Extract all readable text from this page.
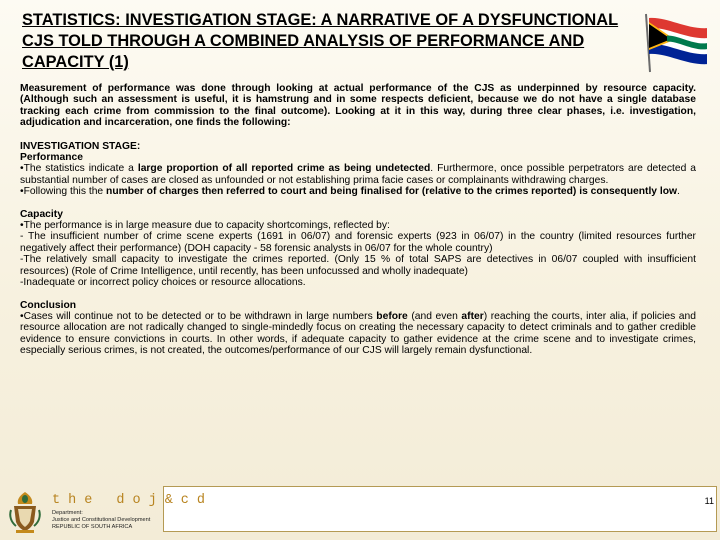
STATISTICS: INVESTIGATION STAGE: A NARRATIVE OF A DYSFUNCTIONAL CJS TOLD THROUGH A COMBINED ANALYSIS OF PERFORMANCE AND CAPACITY (1)

Measurement of performance was done through looking at actual performance of the CJS as underpinned by resource capacity. (Although such an assessment is useful, it is hamstrung and in some respects deficient, because we do not have a single database tracking each crime from commission to the final outcome). Looking at it in this way, during three clear phases, i.e. investigation, adjudication and incarceration, one finds the following:

INVESTIGATION STAGE:

Performance

•The statistics indicate a large proportion of all reported crime as being undetected. Furthermore, once possible perpetrators are detected a substantial number of cases are closed as unfounded or not establishing prima facie cases or complainants withdrawing charges.

•Following this the number of charges then referred to court and being finalised for (relative to the crimes reported) is consequently low.

Capacity

•The performance is in large measure due to capacity shortcomings, reflected by:

- The insufficient number of crime scene experts (1691 in 06/07) and forensic experts (923 in 06/07) in the country (limited resources further negatively affect their performance) (DOH capacity - 58 forensic analysts in 06/07 for the whole country)

-The relatively small capacity to investigate the crimes reported. (Only 15 % of total SAPS are detectives in 06/07 coupled with insufficient resources) (Role of Crime Intelligence, until recently, has been unfocussed and wholly inadequate)

-Inadequate or incorrect policy choices or resource allocations.

Conclusion

•Cases will continue not to be detected or to be withdrawn in large numbers before (and even after) reaching the courts, inter alia, if policies and resource allocation are not radically changed to single-mindedly focus on creating the necessary capacity to detect criminals and to gather credible evidence to ensure convictions in courts. In other words, if adequate capacity to gather evidence at the crime scene and to investigate crimes, especially serious crimes, is not created, the outcomes/performance of our CJS will largely remain dysfunctional.

11
the doj&cd
Department:
Justice and Constitutional Development
REPUBLIC OF SOUTH AFRICA
